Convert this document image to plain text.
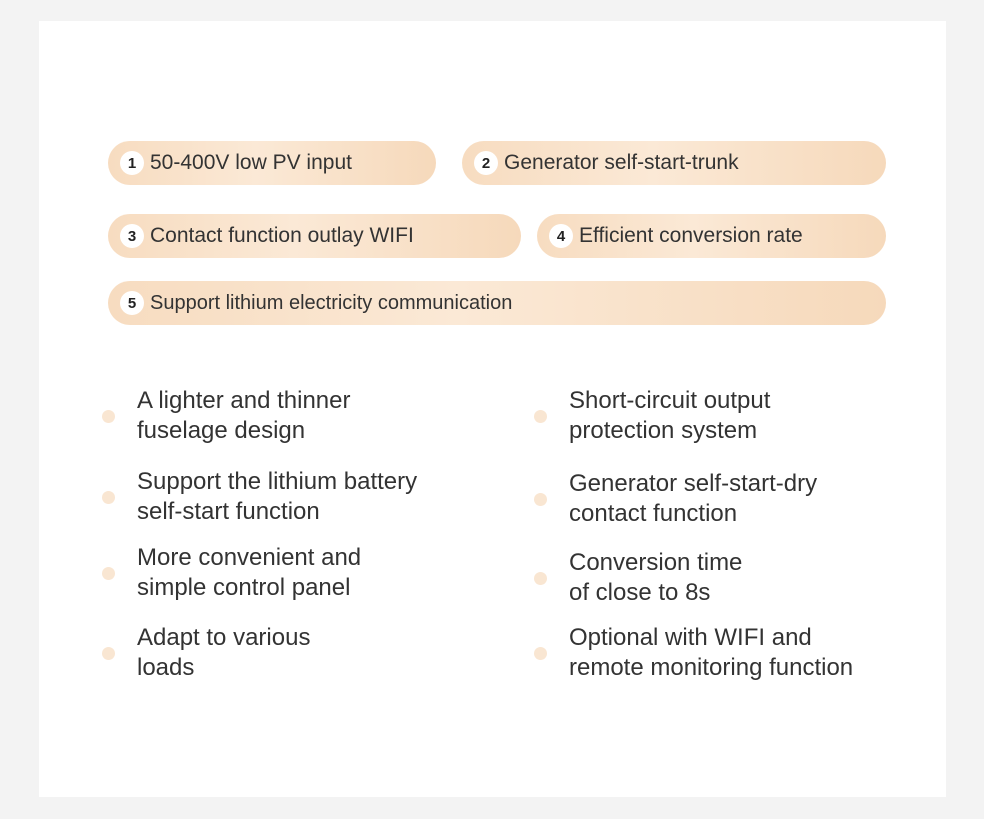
1 50-400V low PV input	2 Generator self-start-trunk
3 Contact function outlay WIFI	4 Efficient conversion rate
5 Support lithium electricity communication
A lighter and thinner
fuselage design
Short-circuit output
protection system
Support the lithium battery
self-start function
Generator self-start-dry
contact function
More convenient and
simple control panel
Conversion time
of close to 8s
Adapt to various
loads
Optional with WIFI and
remote monitoring function
